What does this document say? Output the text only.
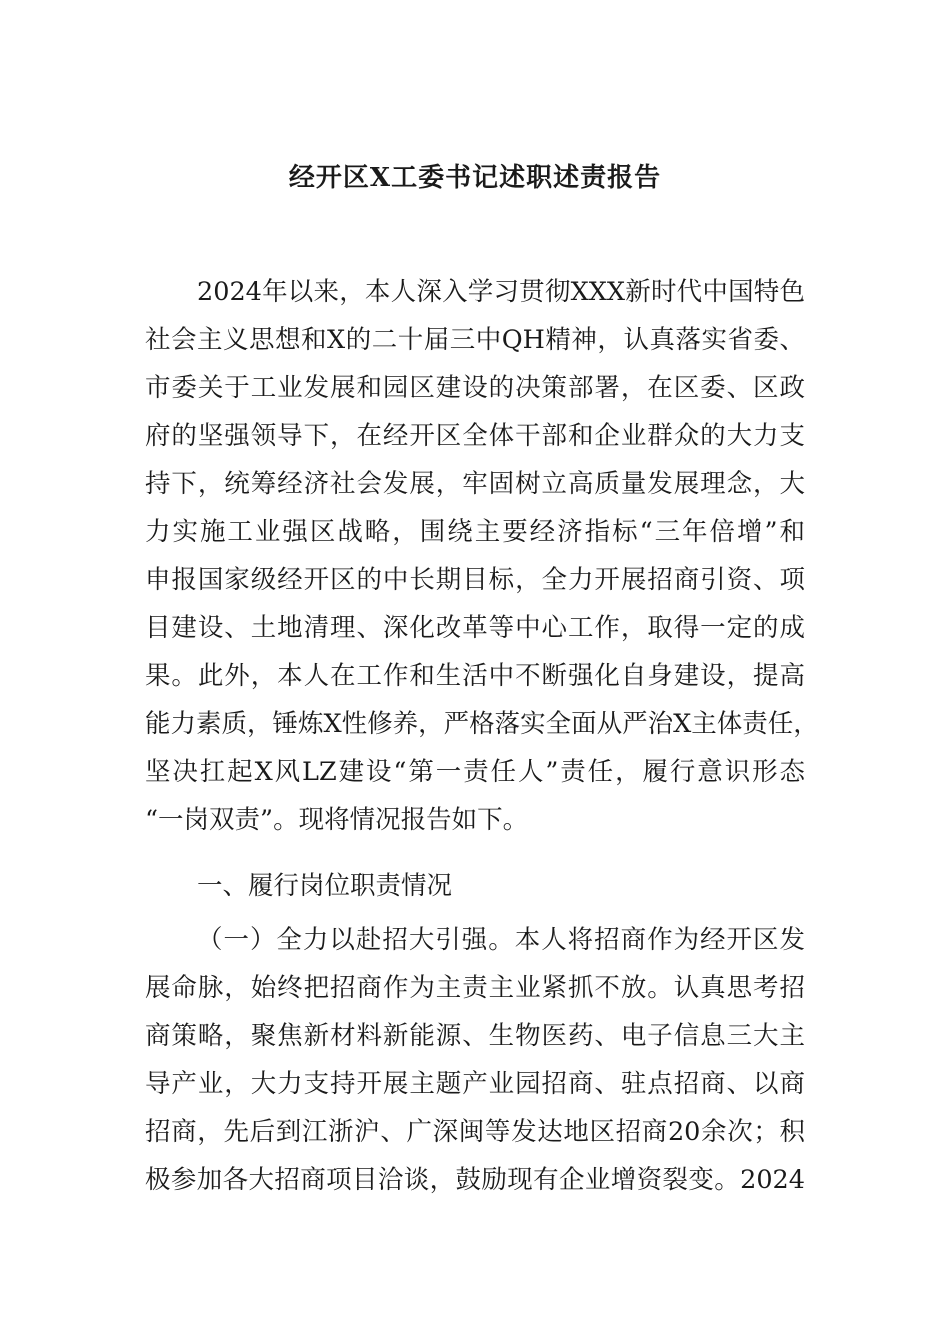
经开区X工委书记述职述责报告
2024年以来，本人深入学习贯彻XXX新时代中国特色
社会主义思想和X的二十届三中QH精神，认真落实省委、
市委关于工业发展和园区建设的决策部署，在区委、区政
府的坚强领导下，在经开区全体干部和企业群众的大力支
持下，统筹经济社会发展，牢固树立高质量发展理念，大
力实施工业强区战略，围绕主要经济指标“三年倍增”和
申报国家级经开区的中长期目标，全力开展招商引资、项
目建设、土地清理、深化改革等中心工作，取得一定的成
果。此外，本人在工作和生活中不断强化自身建设，提高
能力素质，锤炼X性修养，严格落实全面从严治X主体责任，
坚决扛起X风LZ建设“第一责任人”责任，履行意识形态
“一岗双责”。现将情况报告如下。
一、履行岗位职责情况
（一）全力以赴招大引强。本人将招商作为经开区发
展命脉，始终把招商作为主责主业紧抓不放。认真思考招
商策略，聚焦新材料新能源、生物医药、电子信息三大主
导产业，大力支持开展主题产业园招商、驻点招商、以商
招商，先后到江浙沪、广深闽等发达地区招商20余次；积
极参加各大招商项目洽谈，鼓励现有企业增资裂变。2024
